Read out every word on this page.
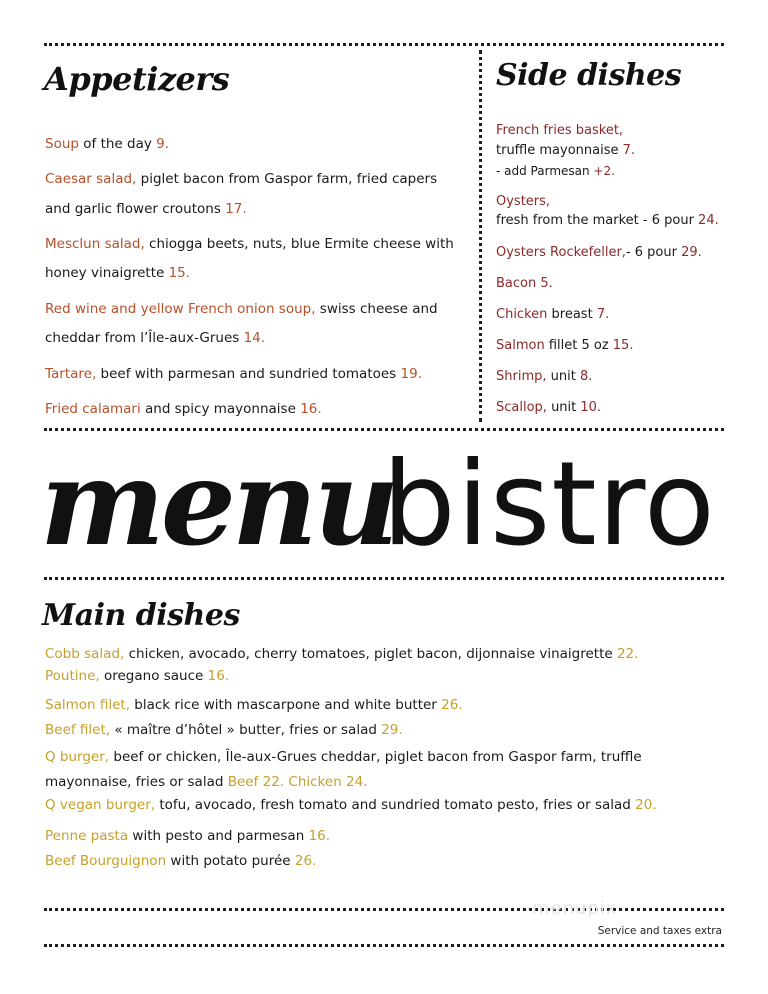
Appetizers
Soup of the day 9.
Caesar salad, piglet bacon from Gaspor farm, fried capers
and garlic flower croutons 17.
Mesclun salad, chiogga beets, nuts, blue Ermite cheese with
honey vinaigrette 15.
Red wine and yellow French onion soup, swiss cheese and
cheddar from l’Île-aux-Grues 14.
Tartare, beef with parmesan and sundried tomatoes 19.
Fried calamari and spicy mayonnaise 16.
Side dishes
French fries basket,
truffle mayonnaise 7.
- add Parmesan +2.
Oysters,
fresh from the market - 6 pour 24.
Oysters Rockefeller,- 6 pour 29.
Bacon 5.
Chicken breast 7.
Salmon fillet 5 oz 15.
Shrimp, unit 8.
Scallop, unit 10.
menu
bistro
Main dishes
Cobb salad, chicken, avocado, cherry tomatoes, piglet bacon, dijonnaise vinaigrette 22.
Poutine, oregano sauce 16.
Salmon filet, black rice with mascarpone and white butter 26.
Beef filet, « maître d’hôtel » butter, fries or salad 29.
Q burger, beef or chicken, Île-aux-Grues cheddar, piglet bacon from Gaspor farm, truffle
mayonnaise, fries or salad Beef 22. Chicken 24.
Q vegan burger, tofu, avocado, fresh tomato and sundried tomato pesto, fries or salad 20.
Penne pasta with pesto and parmesan 16.
Beef Bourguignon with potato purée 26.
menupix
Service and taxes extra
